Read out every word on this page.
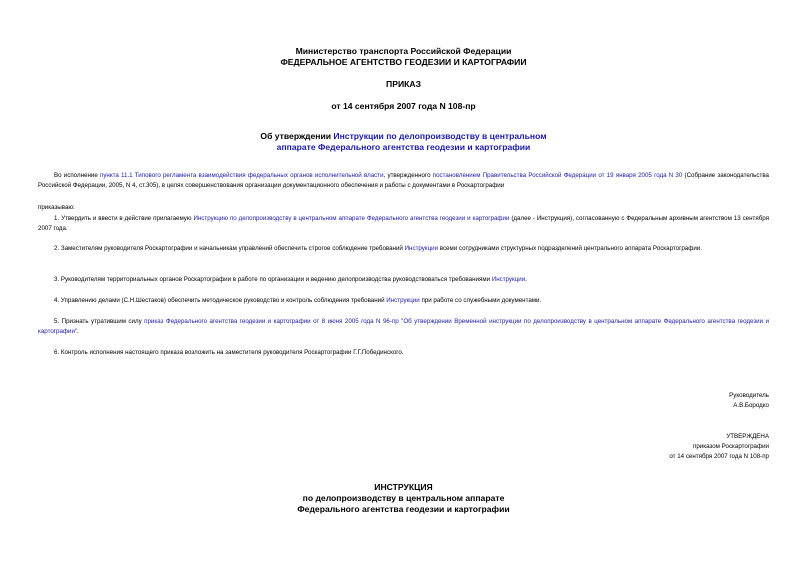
Министерство транспорта Российской Федерации
ФЕДЕРАЛЬНОЕ АГЕНТСТВО ГЕОДЕЗИИ И КАРТОГРАФИИ
ПРИКАЗ
от 14 сентября 2007 года N 108-пр
Об утверждении Инструкции по делопроизводству в центральном
аппарате Федерального агентства геодезии и картографии
Во исполнение пункта 11.1 Типового регламента взаимодействия федеральных органов исполнительной власти, утвержденного постановлением Правительства Российской Федерации от 19 января 2005 года N 30 (Собрание законодательства Российской Федерации, 2005, N 4, ст.305), в целях совершенствования организации документационного обеспечения и работы с документами в Роскартографии
приказываю:
1. Утвердить и ввести в действие прилагаемую Инструкцию по делопроизводству в центральном аппарате Федерального агентства геодезии и картографии (далее - Инструкция), согласованную с Федеральным архивным агентством 13 сентября 2007 года.
2. Заместителям руководителя Роскартографии и начальникам управлений обеспечить строгое соблюдение требований Инструкции всеми сотрудниками структурных подразделений центрального аппарата Роскартографии.
3. Руководителям территориальных органов Роскартографии в работе по организации и ведению делопроизводства руководствоваться требованиями Инструкции.
4. Управлению делами (С.Н.Шестаков) обеспечить методическое руководство и контроль соблюдения требований Инструкции при работе со служебными документами.
5. Признать утратившим силу приказ Федерального агентства геодезии и картографии от 8 июня 2005 года N 96-пр "Об утверждении Временной инструкции по делопроизводству в центральном аппарате Федерального агентства геодезии и картографии".
6. Контроль исполнения настоящего приказа возложить на заместителя руководителя Роскартографии Г.Г.Побединского.
Руководитель
А.В.Бородко
УТВЕРЖДЕНА
приказом Роскартографии
от 14 сентября 2007 года N 108-пр
ИНСТРУКЦИЯ
по делопроизводству в центральном аппарате
Федерального агентства геодезии и картографии
